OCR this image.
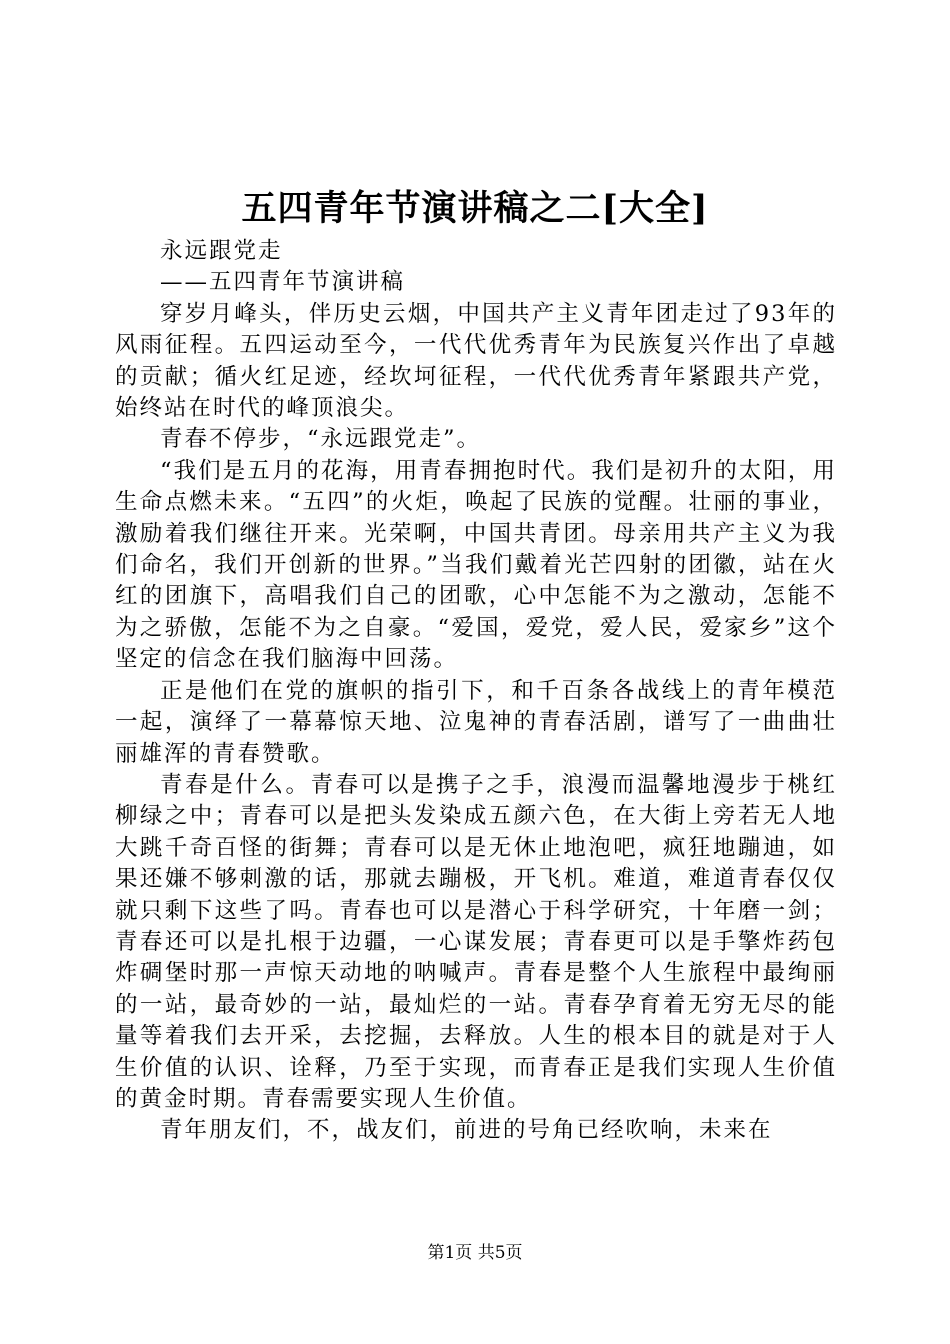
五四青年节演讲稿之二[大全]

永远跟党走

——五四青年节演讲稿

穿岁月峰头，伴历史云烟，中国共产主义青年团走过了93年的风雨征程。五四运动至今，一代代优秀青年为民族复兴作出了卓越的贡献；循火红足迹，经坎坷征程，一代代优秀青年紧跟共产党，始终站在时代的峰顶浪尖。

青春不停步，“永远跟党走”。

“我们是五月的花海，用青春拥抱时代。我们是初升的太阳，用生命点燃未来。“五四”的火炬，唤起了民族的觉醒。壮丽的事业，激励着我们继往开来。光荣啊，中国共青团。母亲用共产主义为我们命名，我们开创新的世界。”当我们戴着光芒四射的团徽，站在火红的团旗下，高唱我们自己的团歌，心中怎能不为之激动，怎能不为之骄傲，怎能不为之自豪。“爱国，爱党，爱人民，爱家乡”这个坚定的信念在我们脑海中回荡。

正是他们在党的旗帜的指引下，和千百条各战线上的青年模范一起，演绎了一幕幕惊天地、泣鬼神的青春活剧，谱写了一曲曲壮丽雄浑的青春赞歌。

青春是什么。青春可以是携子之手，浪漫而温馨地漫步于桃红柳绿之中；青春可以是把头发染成五颜六色，在大街上旁若无人地大跳千奇百怪的街舞；青春可以是无休止地泡吧，疯狂地蹦迪，如果还嫌不够刺激的话，那就去蹦极，开飞机。难道，难道青春仅仅就只剩下这些了吗。青春也可以是潜心于科学研究，十年磨一剑；青春还可以是扎根于边疆，一心谋发展；青春更可以是手擎炸药包炸碉堡时那一声惊天动地的呐喊声。青春是整个人生旅程中最绚丽的一站，最奇妙的一站，最灿烂的一站。青春孕育着无穷无尽的能量等着我们去开采，去挖掘，去释放。人生的根本目的就是对于人生价值的认识、诠释，乃至于实现，而青春正是我们实现人生价值的黄金时期。青春需要实现人生价值。

青年朋友们，不，战友们，前进的号角已经吹响，未来在

第1页 共5页
